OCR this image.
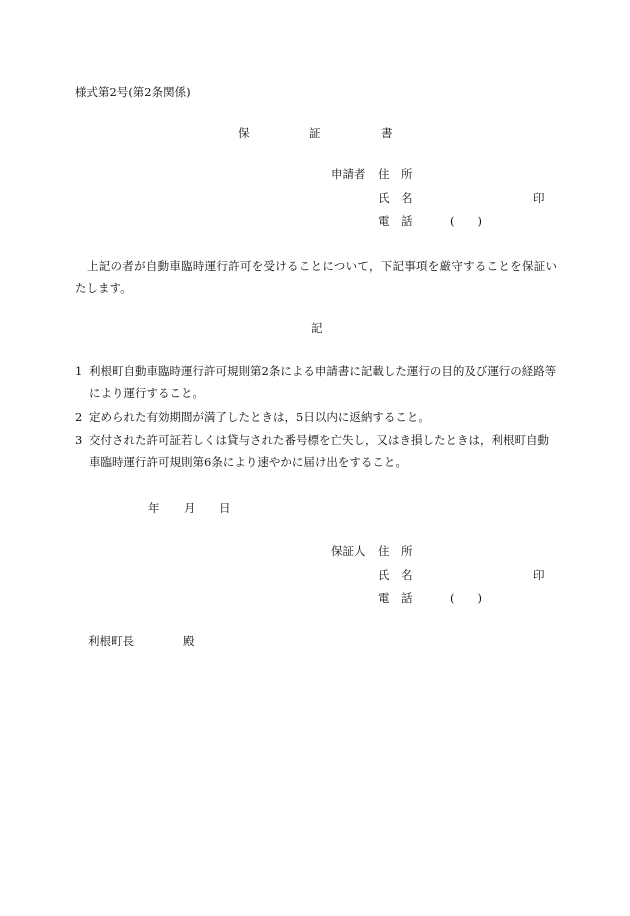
様式第2号(第2条関係)
保	証	書
申請者 住　所
氏　名	印
電　話	(　　)
上記の者が自動車臨時運行許可を受けることについて，下記事項を厳守することを保証いたします。
記
1 利根町自動車臨時運行許可規則第2条による申請書に記載した運行の目的及び運行の経路等により運行すること。
2 定められた有効期間が満了したときは，5日以内に返納すること。
3 交付された許可証若しくは貸与された番号標を亡失し，又はき損したときは，利根町自動車臨時運行許可規則第6条により速やかに届け出をすること。
年 月 日
保証人 住　所
氏　名	印
電　話	(　　)
利根町長	殿
